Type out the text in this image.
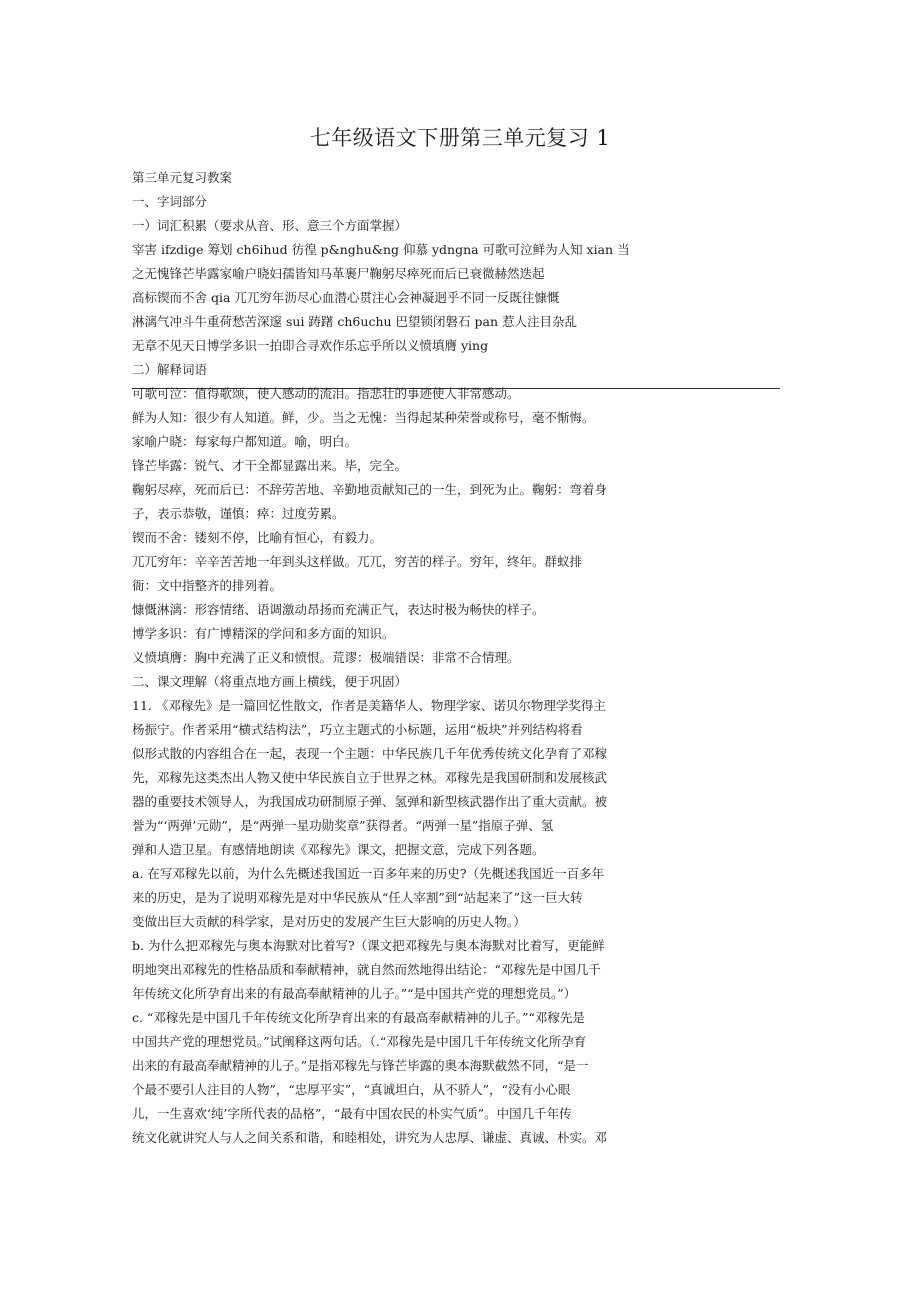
七年级语文下册第三单元复习 1
第三单元复习教案
一、字词部分
一）词汇积累（要求从音、形、意三个方面掌握）
宰害 ifzdige 筹划 ch6ihud 彷徨 p&nghu&ng 仰慕 ydngna 可歌可泣鲜为人知 xian 当
之无愧锋芒毕露家喻户晓妇孺皆知马革裹尸鞠躬尽瘁死而后已衰微赫然迭起
高标锲而不舍 qia 兀兀穷年沥尽心血潜心贯注心会神凝迥乎不同一反既往慷慨
淋漓气冲斗牛重荷愁苦深邃 sui 踌躇 ch6uchu 巴望锁闭磐石 pan 惹人注目杂乱
无章不见天日博学多识一拍即合寻欢作乐忘乎所以义愤填膺 ying
二）解释词语
可歌可泣：值得歌颂，使人感动的流泪。指悲壮的事迹使人非常感动。
鲜为人知：很少有人知道。鲜，少。当之无愧：当得起某种荣誉或称号，毫不惭悔。
家喻户晓：每家每户都知道。喻，明白。
锋芒毕露：锐气、才干全都显露出来。毕，完全。
鞠躬尽瘁，死而后已：不辞劳苦地、辛勤地贡献知己的一生，到死为止。鞠躬：弯着身
子，表示恭敬，谨慎：瘁：过度劳累。
锲而不舍：镂刻不停，比喻有恒心，有毅力。
兀兀穷年：辛辛苦苦地一年到头这样做。兀兀，穷苦的样子。穷年，终年。群蚁排
衙：文中指整齐的排列着。
慷慨淋漓：形容情绪、语调激动昂扬而充满正气，表达时极为畅快的样子。
博学多识：有广博精深的学问和多方面的知识。
义愤填膺：胸中充满了正义和愤恨。荒谬：极端错误：非常不合情理。
二、课文理解（将重点地方画上横线，便于巩固）
11. 《邓稼先》是一篇回忆性散文，作者是美籍华人、物理学家、诺贝尔物理学奖得主
杨振宁。作者采用“横式结构法”，巧立主题式的小标题，运用“板块”并列结构将看
似形式散的内容组合在一起，表现一个主题：中华民族几千年优秀传统文化孕育了邓稼
先，邓稼先这类杰出人物又使中华民族自立于世界之林。邓稼先是我国研制和发展核武
器的重要技术领导人，为我国成功研制原子弹、氢弹和新型核武器作出了重大贡献。被
誉为“‘两弹’元勋”，是“两弹一星功勋奖章”获得者。“两弹一星”指原子弹、氢
弹和人造卫星。有感情地朗读《邓稼先》课文，把握文意，完成下列各题。
a. 在写邓稼先以前，为什么先概述我国近一百多年来的历史?（先概述我国近一百多年
来的历史，是为了说明邓稼先是对中华民族从“任人宰割”到“站起来了”这一巨大转
变做出巨大贡献的科学家，是对历史的发展产生巨大影响的历史人物。）
b. 为什么把邓稼先与奥本海默对比着写?（课文把邓稼先与奥本海默对比着写，更能鲜
明地突出邓稼先的性格品质和奉献精神，就自然而然地得出结论：“邓稼先是中国几千
年传统文化所孕育出来的有最高奉献精神的儿子。”“是中国共产党的理想党员。”）
c. “邓稼先是中国几千年传统文化所孕育出来的有最高奉献精神的儿子。”“邓稼先是
中国共产党的理想党员。”试阐释这两句话。（.“邓稼先是中国几千年传统文化所孕育
出来的有最高奉献精神的儿子。”是指邓稼先与锋芒毕露的奥本海默截然不同，“是一
个最不要引人注目的人物”，“忠厚平实”，“真诚坦白，从不骄人”，“没有小心眼
儿，一生喜欢‘纯’字所代表的品格”，“最有中国农民的朴实气质”。中国几千年传
统文化就讲究人与人之间关系和谐，和睦相处，讲究为人忠厚、谦虚、真诚、朴实。邓
